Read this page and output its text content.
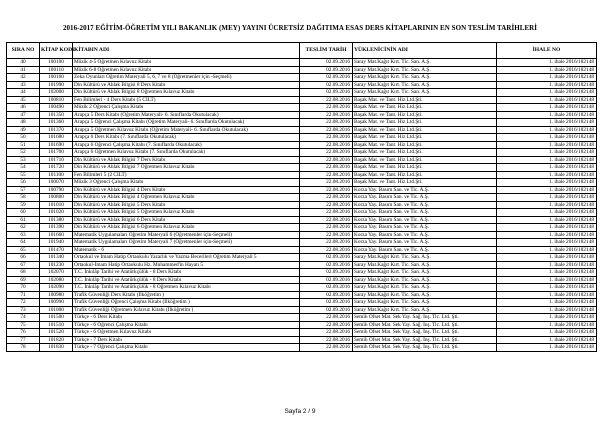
2016-2017 EĞİTİM-ÖĞRETİM YILI BAKANLIK (MEY) YAYINI ÜCRETSİZ DAĞITIMA ESAS DERS KİTAPLARININ EN SON TESLİM TARİHLERİ
SIRA NO	KİTAP KODU	KİTABIN ADI	TESLİM TARİH	YÜKLENİCİNİN ADI	İHALE NO
40	100100	Müzik 4-5 Öğretmen Kılavuz Kitabı	02.09.2016	Saray Mat.Kağıt Kırt. Tic. San. A.Ş.	1. ihale 2016/182148
41	100110	Müzik 6-8 Öğretmen Kılavuz Kitabı	02.09.2016	Saray Mat.Kağıt Kırt. Tic. San. A.Ş.	1. ihale 2016/182148
42	100160	Zeka Oyunları Öğretim Materyali 5, 6, 7 ve 8 (Öğretmenler için -Seçmeli)	02.09.2016	Saray Mat.Kağıt Kırt. Tic. San. A.Ş.	1. ihale 2016/182148
43	101990	Din Kültürü ve Ahlak Bilgisi 8 Ders Kitabı	02.09.2016	Saray Mat.Kağıt Kırt. Tic. San. A.Ş.	1. ihale 2016/182148
44	102000	Din Kültürü ve Ahlak Bilgisi 8 Öğretmen Kılavuz Kitabı	02.09.2016	Saray Mat.Kağıt Kırt. Tic. San. A.Ş.	1. ihale 2016/182148
45	100810	Fen Bilimleri - 4 Ders Kitabı (5 CİLT)	22.08.2016	Başak Mat. ve Tant. Hiz Ltd.Şti.	1. ihale 2016/182148
46	100490	Müzik 2 Öğrenci Çalışma Kitabı	22.08.2016	Başak Mat. ve Tant. Hiz Ltd.Şti.	1. ihale 2016/182148
47	101350	Arapça 5 Ders Kitabı (Öğretim Materyali- 6. Sınıflarda Okutulacak)	22.08.2016	Başak Mat. ve Tant. Hiz Ltd.Şti.	1. ihale 2016/182148
48	101360	Arapça 5 Öğrenci Çalışma Kitabı (Öğretim Materyali- 6. Sınıflarda Okutulacak)	22.08.2016	Başak Mat. ve Tant. Hiz Ltd.Şti.	1. ihale 2016/182148
49	101370	Arapça 5 Öğretmen Kılavuz Kitabı (Öğretim Materyali- 6. Sınıflarda Okutulacak)	22.08.2016	Başak Mat. ve Tant. Hiz Ltd.Şti.	1. ihale 2016/182148
50	101680	Arapça 6 Ders Kitabı (7. Sınıflarda Okutulacak)	22.08.2016	Başak Mat. ve Tant. Hiz Ltd.Şti.	1. ihale 2016/182148
51	101690	Arapça 6 Öğrenci Çalışma Kitabı (7. Sınıflarda Okutulacak)	22.08.2016	Başak Mat. ve Tant. Hiz Ltd.Şti.	1. ihale 2016/182148
52	101700	Arapça 6 Öğretmen Kılavuz Kitabı (7. Sınıflarda Okutulacak)	22.08.2016	Başak Mat. ve Tant. Hiz Ltd.Şti.	1. ihale 2016/182148
53	101710	Din Kültürü ve Ahlak Bilgisi 7 Ders Kitabı	22.08.2016	Başak Mat. ve Tant. Hiz Ltd.Şti.	1. ihale 2016/182148
54	101720	Din Kültürü ve Ahlak Bilgisi 7 Öğretmen Kılavuz Kitabı	22.08.2016	Başak Mat. ve Tant. Hiz Ltd.Şti.	1. ihale 2016/182148
55	101100	Fen Bilimleri 5 (2 CİLT)	22.08.2016	Başak Mat. ve Tant. Hiz Ltd.Şti.	1. ihale 2016/182148
56	100070	Müzik 3 Öğrenci Çalışma Kitabı	22.08.2016	Başak Mat. ve Tant. Hiz Ltd.Şti.	1. ihale 2016/182148
57	100790	Din Kültürü ve Ahlak Bilgisi 4 Ders Kitabı	22.08.2016	Korza Yay. Basım San. ve Tic. A.Ş.	1. ihale 2016/182148
58	100800	Din Kültürü ve Ahlak Bilgisi 4 Öğretmen Kılavuz Kitabı	22.08.2016	Korza Yay. Basım San. ve Tic. A.Ş.	1. ihale 2016/182148
59	101010	Din Kültürü ve Ahlak Bilgisi 5 Ders Kitabı	22.08.2016	Korza Yay. Basım San. ve Tic. A.Ş.	1. ihale 2016/182148
60	101020	Din Kültürü ve Ahlak Bilgisi 5 Öğretmen Kılavuz Kitabı	22.08.2016	Korza Yay. Basım San. ve Tic. A.Ş.	1. ihale 2016/182148
61	101380	Din Kültürü ve Ahlak Bilgisi 6 Ders Kitabı	22.08.2016	Korza Yay. Basım San. ve Tic. A.Ş.	1. ihale 2016/182148
62	101390	Din Kültürü ve Ahlak Bilgisi 6 Öğretmen Kılavuz Kitabı	22.08.2016	Korza Yay. Basım San. ve Tic. A.Ş.	1. ihale 2016/182148
63	101660	Matematik Uygulamaları Öğretim Materyali 6 (Öğretmenler için-Seçmeli)	22.08.2016	Korza Yay. Basım San. ve Tic. A.Ş.	1. ihale 2016/182148
64	101940	Matematik Uygulamaları Öğretim Materyali 7 (Öğretmenler için-Seçmeli)	22.08.2016	Korza Yay. Basım San. ve Tic. A.Ş.	1. ihale 2016/182148
65	101470	Matematik - 6	22.08.2016	Korza Yay. Basım San. ve Tic. A.Ş.	1. ihale 2016/182148
66	101340	Ortaokul ve İmam Hatip Ortaokulu Yazarlık ve Yazma Becerileri Öğretim Materyali 5	02.09.2016	Saray Mat.Kağıt Kırt. Tic. San. A.Ş.	1. ihale 2016/182148
67	101230	Ortaokul-İmam Hatip Ortaokulu Hz. Muhammed'in Hayatı 5	02.09.2016	Saray Mat.Kağıt Kırt. Tic. San. A.Ş.	1. ihale 2016/182148
68	102070	T.C. İnkılâp Tarihi ve Atatürkçülük - 8 Ders Kitabı	02.09.2016	Saray Mat.Kağıt Kırt. Tic. San. A.Ş.	1. ihale 2016/182148
69	102080	T.C. İnkılâp Tarihi ve Atatürkçülük - 8 Ders Kitabı	02.09.2016	Saray Mat.Kağıt Kırt. Tic. San. A.Ş.	1. ihale 2016/182148
70	102090	T.C. İnkılâp Tarihi ve Atatürkçülük - 8 Öğretmen Kılavuz Kitabı	02.09.2016	Saray Mat.Kağıt Kırt. Tic. San. A.Ş.	1. ihale 2016/182148
71	100980	Trafik Güvenliği Ders Kitabı (İlköğretim )	02.09.2016	Saray Mat.Kağıt Kırt. Tic. San. A.Ş.	1. ihale 2016/182148
72	100990	Trafik Güvenliği Öğrenci Çalışma Kitabı (İlköğretim )	02.09.2016	Saray Mat.Kağıt Kırt. Tic. San. A.Ş.	1. ihale 2016/182148
73	101000	Trafik Güvenliği Öğretmen Kılavuz Kitabı (İlköğretim )	02.09.2016	Saray Mat.Kağıt Kırt. Tic. San. A.Ş.	1. ihale 2016/182148
74	101500	Türkçe - 6 Ders Kitabı	22.08.2016	Semih Ofset Mat. Sek Yay. Sağ. İnş. Tic. Ltd. Şti.	1. ihale 2016/182148
75	101510	Türkçe - 6 Öğrenci Çalışma Kitabı	22.08.2016	Semih Ofset Mat. Sek Yay. Sağ. İnş. Tic. Ltd. Şti.	1. ihale 2016/182148
76	101520	Türkçe - 6 Öğretmen Kılavuz Kitabı	22.08.2016	Semih Ofset Mat. Sek Yay. Sağ. İnş. Tic. Ltd. Şti.	1. ihale 2016/182148
77	101820	Türkçe - 7 Ders Kitabı	22.08.2016	Semih Ofset Mat. Sek Yay. Sağ. İnş. Tic. Ltd. Şti.	1. ihale 2016/182148
78	101830	Türkçe - 7 Öğrenci Çalışma Kitabı	22.08.2016	Semih Ofset Mat. Sek Yay. Sağ. İnş. Tic. Ltd. Şti.	1. ihale 2016/182148
Sayfa 2 / 9
